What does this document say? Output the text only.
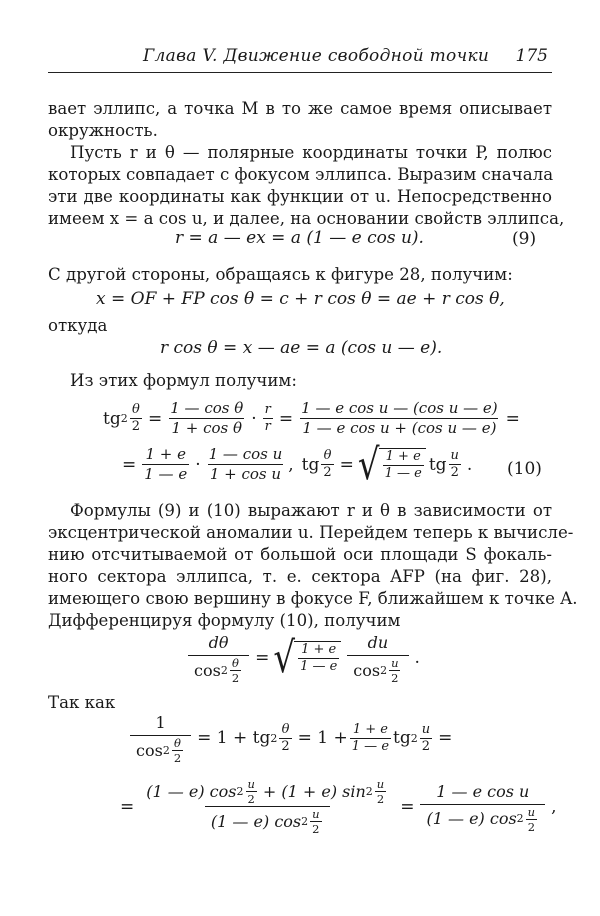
Глава V. Движение свободной точки 175
вает эллипс, а точка M в то же самое время описывает
окружность.
Пусть r и θ — полярные координаты точки P, полюс
которых совпадает с фокусом эллипса. Выразим сначала
эти две координаты как функции от u. Непосредственно
имеем x = a cos u, и далее, на основании свойств эллипса,
r = a — ex = a (1 — e cos u).	(9)
С другой стороны, обращаясь к фигуре 28, получим:
x = OF + FP cos θ = c + r cos θ = ae + r cos θ,
откуда
r cos θ = x — ae = a (cos u — e).
Из этих формул получим:
tg $2 \frac{\theta}{2} = \frac{\text{1 — cos θ}}{\text{1 + cos θ}} \cdot \frac{r}{r} = \frac{\text{1 — e cos u — (cos u — e)}}{\text{1 — e cos u + (cos u — e)}}$ =
= $\frac{1 + e}{1 — e} \cdot \frac{\text{1 — cos u}}{\text{1 + cos u}}$ , tg $\frac{\theta}{2}$ = √ $\frac{1 + e}{1 — e}$ tg $\frac{u}{2}$ . (10)
Формулы (9) и (10) выражают r и θ в зависимости от
эксцентрической аномалии u. Перейдем теперь к вычисле-
нию отсчитываемой от большой оси площади S фокаль-
ного сектора эллипса, т. е. сектора AFP (на фиг. 28),
имеющего свою вершину в фокусе F, ближайшем к точке A.
Дифференцируя формулу (10), получим
$\frac{d\theta}{\cos 2 \frac{\theta}{2}}$ = √ $\frac{1 + e}{1 — e} \frac{du}{\cos 2 \frac{u}{2}}$ .
Так как
$\frac{1}{\cos 2 \frac{\theta}{2}} = 1$ + tg $2 \frac{\theta}{2} = 1 + \frac{1 + e}{1 — e}$ tg $2 \frac{u}{2}$ =
=
(1 — e) $\cos 2 \frac{u}{2} + (1 + e)$ $\sin 2 \frac{u}{2}$
(1 — e) $\cos 2 \frac{u}{2}$
= $\frac{\text{1 — e cos u}}{(1 — e) \cos 2 \frac{u}{2}}$ ,
